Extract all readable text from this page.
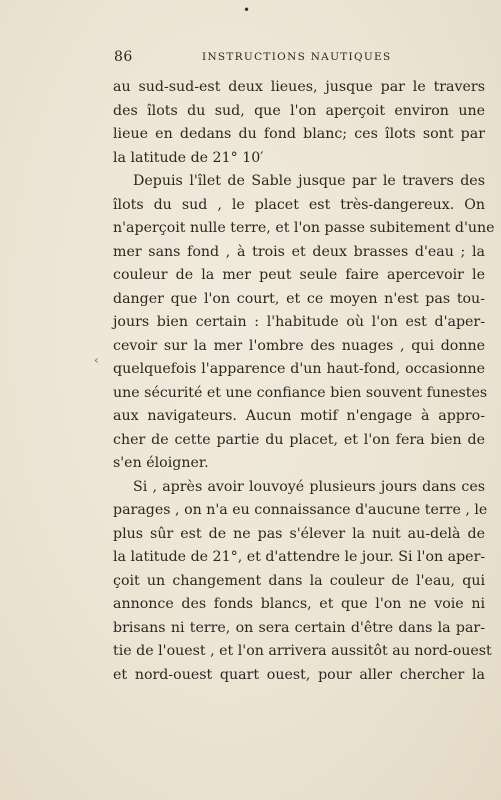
•
86	INSTRUCTIONS NAUTIQUES
‹
au sud-sud-est deux lieues, jusque par le travers
des îlots du sud, que l'on aperçoit environ une
lieue en dedans du fond blanc; ces îlots sont par
la latitude de 21° 10′
Depuis l'îlet de Sable jusque par le travers des
îlots du sud , le placet est très-dangereux. On
n'aperçoit nulle terre, et l'on passe subitement d'une
mer sans fond , à trois et deux brasses d'eau ; la
couleur de la mer peut seule faire apercevoir le
danger que l'on court, et ce moyen n'est pas tou-
jours bien certain : l'habitude où l'on est d'aper-
cevoir sur la mer l'ombre des nuages , qui donne
quelquefois l'apparence d'un haut-fond, occasionne
une sécurité et une confiance bien souvent funestes
aux navigateurs. Aucun motif n'engage à appro-
cher de cette partie du placet, et l'on fera bien de
s'en éloigner.
Si , après avoir louvoyé plusieurs jours dans ces
parages , on n'a eu connaissance d'aucune terre , le
plus sûr est de ne pas s'élever la nuit au-delà de
la latitude de 21°, et d'attendre le jour. Si l'on aper-
çoit un changement dans la couleur de l'eau, qui
annonce des fonds blancs, et que l'on ne voie ni
brisans ni terre, on sera certain d'être dans la par-
tie de l'ouest , et l'on arrivera aussitôt au nord-ouest
et nord-ouest quart ouest, pour aller chercher la
